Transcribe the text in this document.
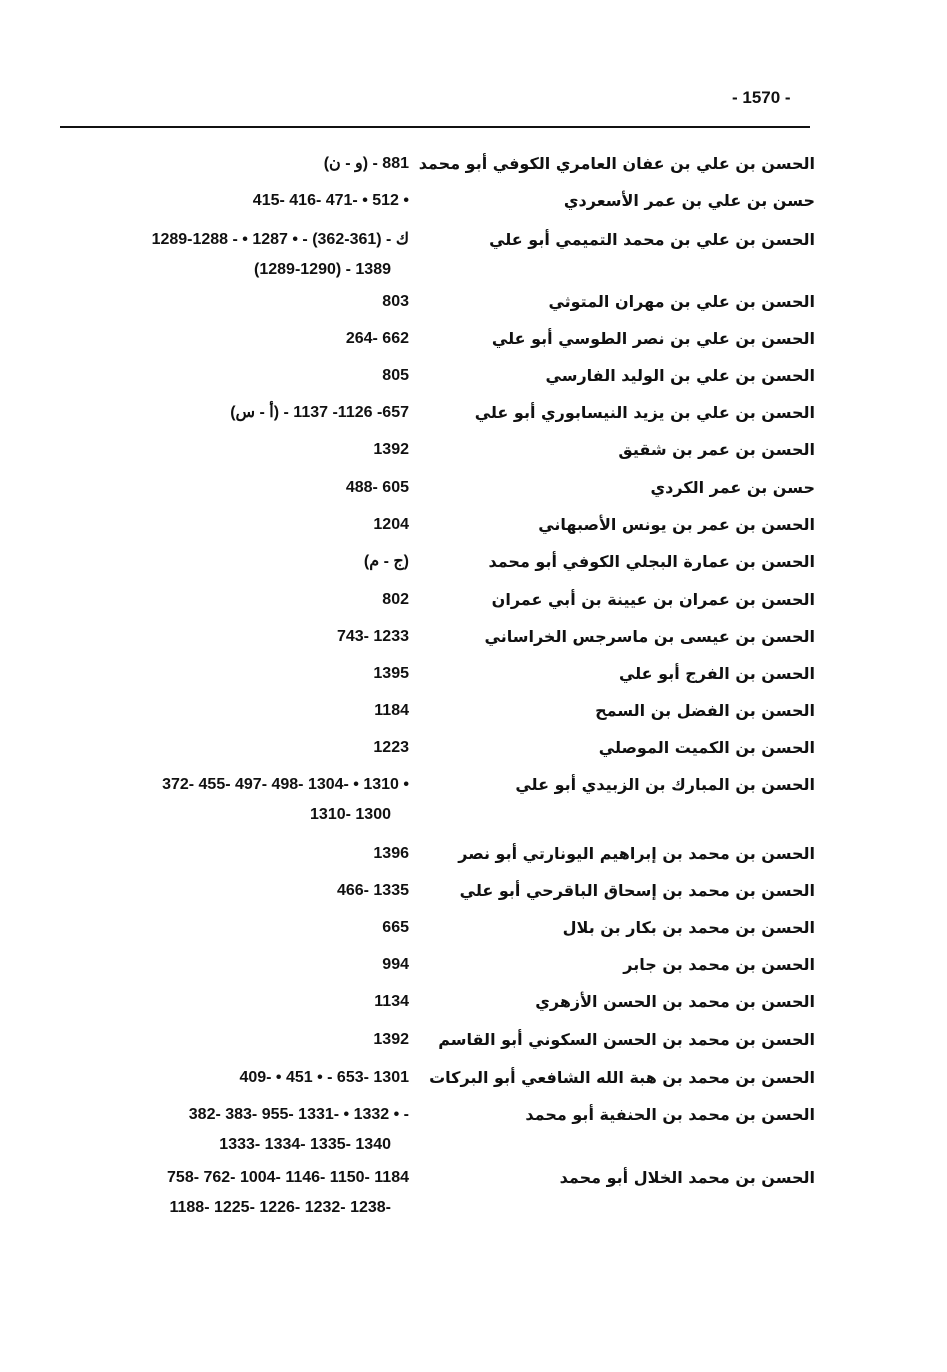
- 1570 -
الحسن بن علي بن عفان العامري الكوفي أبو محمد
(و - ن) - 881
حسن بن علي بن عمر الأسعردي
415- 416- 471- • 512 •
الحسن بن علي بن محمد التميمي أبو علي
ك - (361-362) - • 1287 • - 1288-1289
(1289-1290) - 1389
الحسن بن علي بن مهران المتوثي
803
الحسن بن علي بن نصر الطوسي أبو علي
264- 662
الحسن بن علي بن الوليد الفارسي
805
الحسن بن علي بن يزيد النيسابوري أبو علي
(أ - س) - 657- 1126- 1137
الحسن بن عمر بن شقيق
1392
حسن بن عمر الكردي
488- 605
الحسن بن عمر بن يونس الأصبهاني
1204
الحسن بن عمارة البجلي الكوفي أبو محمد
(ج - م)
الحسن بن عمران بن عيينة بن أبي عمران
802
الحسن بن عيسى بن ماسرجس الخراساني
743- 1233
الحسن بن الفرج أبو علي
1395
الحسن بن الفضل بن السمح
1184
الحسن بن الكميت الموصلي
1223
الحسن بن المبارك بن الزبيدي أبو علي
372- 455- 497- 498- 1304- • 1310 •
1310- 1300
الحسن بن محمد بن إبراهيم اليونارتي أبو نصر
1396
الحسن بن محمد بن إسحاق الباقرحي أبو علي
466- 1335
الحسن بن محمد بن بكار بن بلال
665
الحسن بن محمد بن جابر
994
الحسن بن محمد بن الحسن الأزهري
1134
الحسن بن محمد بن الحسن السكوني أبو القاسم
1392
الحسن بن محمد بن هبة الله الشافعي أبو البركات
409- • 451 • - 653- 1301
الحسن بن محمد بن الحنفية أبو محمد
382- 383- 955- 1331- • 1332 • -
1333- 1334- 1335- 1340
الحسن بن محمد الخلال أبو محمد
758- 762- 1004- 1146- 1150- 1184
1188- 1225- 1226- 1232- 1238-
